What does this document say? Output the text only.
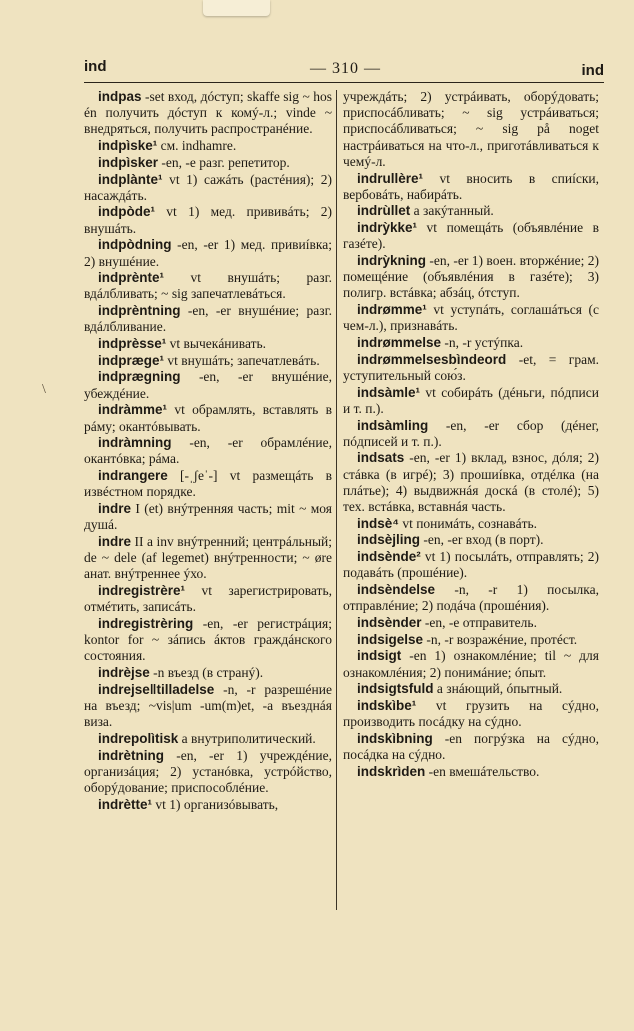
ind	— 310 —	ind
\
indpas -set вход, дóступ; skaffe sig ~ hos én получить дóступ к комý-л.; vinde ~ внедряться, получить распространéние.
indpìske¹ см. indhamre.
indpìsker -en, -e разг. репетитор.
indplànte¹ vt 1) сажáть (растéния); 2) насаждáть.
indpòde¹ vt 1) мед. прививáть; 2) внушáть.
indpòdning -en, -er 1) мед. привиíвка; 2) внушéние.
indprènte¹ vt внушáть; разг. вдáлбливать; ~ sig запечатлевáться.
indprèntning -en, -er внушéние; разг. вдáлбливание.
indprèsse¹ vt вычекáнивать.
indpræge¹ vt внушáть; запечатлевáть.
indprægning -en, -er внушéние, убеждéние.
indràmme¹ vt обрамлять, вставлять в рáму; окантóвывать.
indràmning -en, -er обрамлéние, окантóвка; рáма.
indrangere [-ˌʃeˈ-] vt размещáть в извéстном порядке.
indre I (et) внýтренняя часть; mit ~ моя душá.
indre II a inv внýтренний; центрáльный; de ~ dele (af legemet) внýтренности; ~ øre анат. внýтреннее ýхо.
indregistrère¹ vt зарегистрировать, отмéтить, записáть.
indregistrèring -en, -er регистрáция; kontor for ~ зáпись áктов граждáнского состояния.
indrèjse -n въезд (в странý).
indrejse‖tilladelse -n, -r разрешéние на въезд; ~vis|um -um(m)et, -a въезднáя виза.
indrepolìtisk a внутриполитический.
indrètning -en, -er 1) учреждéние, организáция; 2) устанóвка, устрóйство, оборýдование; приспособлéние.
indrètte¹ vt 1) организóвывать,
учреждáть; 2) устрáивать, оборýдовать; приспосáбливать; ~ sig устрáиваться; приспосáбливаться; ~ sig på noget настрáиваться на что-л., приготáвливаться к чемý-л.
indrullère¹ vt вносить в спиíски, вербовáть, набирáть.
indrùllet a закýтанный.
indrỳkke¹ vt помещáть (объявлéние в газéте).
indrỳkning -en, -er 1) воен. вторжéние; 2) помещéние (объявлéния в газéте); 3) полигр. встáвка; абзáц, óтступ.
indrømme¹ vt уступáть, соглашáться (с чем-л.), признавáть.
indrømmelse -n, -r устýпка.
indrømmelsesbìndeord -et, = грам. уступительный сою́з.
indsàmle¹ vt собирáть (дéньги, пóдписи и т. п.).
indsàmling -en, -er сбор (дéнег, пóдписей и т. п.).
indsats -en, -er 1) вклад, взнос, дóля; 2) стáвка (в игрé); 3) прошиíвка, отдéлка (на плáтье); 4) выдвижнáя доскá (в столé); 5) тех. встáвка, вставнáя часть.
indsè⁴ vt понимáть, сознавáть.
indsèjling -en, -er вход (в порт).
indsènde² vt 1) посылáть, отправлять; 2) подавáть (прошéние).
indsèndelse -n, -r 1) посылка, отправлéние; 2) подáча (прошéния).
indsènder -en, -e отправитель.
indsigelse -n, -r возражéние, протéст.
indsigt -en 1) ознакомлéние; til ~ для ознакомлéния; 2) понимáние; óпыт.
indsigtsfuld a знáющий, óпытный.
indskìbe¹ vt грузить на сýдно, производить посáдку на сýдно.
indskìbning -en погрýзка на сýдно, посáдка на сýдно.
indskrìden -en вмешáтельство.
